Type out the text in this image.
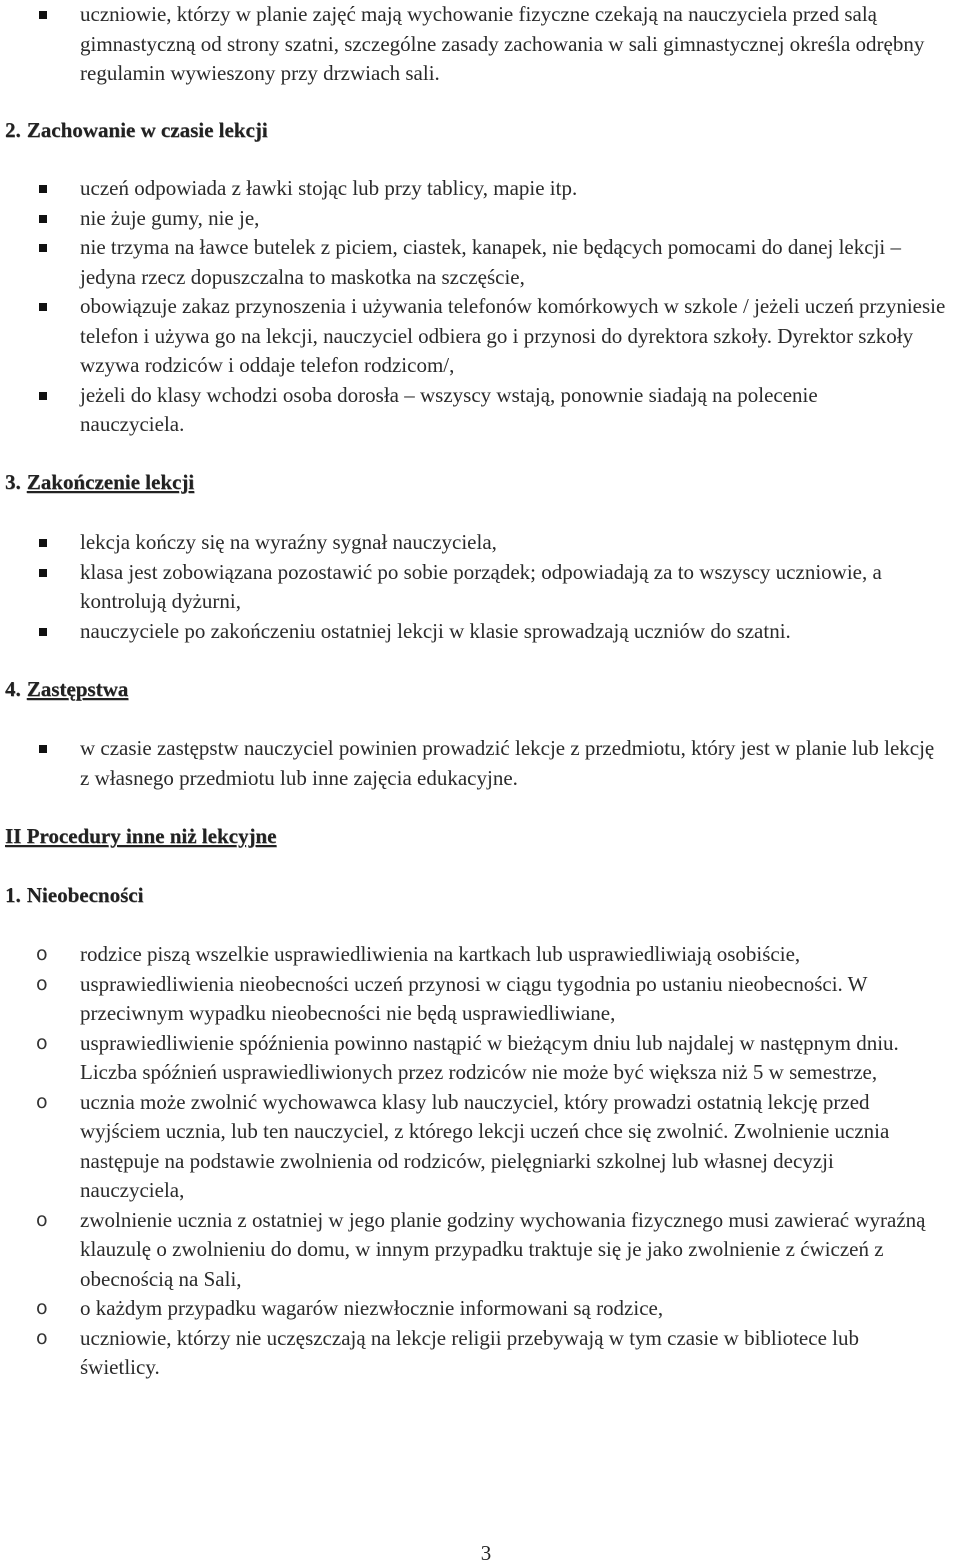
uczniowie, którzy w planie zajęć mają wychowanie fizyczne czekają na nauczyciela przed salą gimnastyczną od strony szatni, szczególne zasady zachowania w sali gimnastycznej określa odrębny regulamin wywieszony przy drzwiach sali.
2. Zachowanie w czasie lekcji
uczeń odpowiada z ławki stojąc lub przy tablicy, mapie itp.
nie żuje gumy, nie je,
nie trzyma na ławce butelek z piciem, ciastek, kanapek, nie będących pomocami do danej lekcji – jedyna rzecz dopuszczalna to maskotka na szczęście,
obowiązuje zakaz przynoszenia i używania telefonów komórkowych w szkole / jeżeli uczeń przyniesie telefon i używa go na lekcji, nauczyciel odbiera go i przynosi do dyrektora szkoły. Dyrektor szkoły wzywa rodziców i oddaje telefon rodzicom/,
jeżeli do klasy wchodzi osoba dorosła – wszyscy wstają, ponownie siadają na polecenie nauczyciela.
3. Zakończenie lekcji
lekcja kończy się na wyraźny sygnał nauczyciela,
klasa jest zobowiązana pozostawić po sobie porządek; odpowiadają za to wszyscy uczniowie, a kontrolują dyżurni,
nauczyciele po zakończeniu ostatniej lekcji w klasie sprowadzają uczniów do szatni.
4. Zastępstwa
w czasie zastępstw nauczyciel powinien prowadzić lekcje z przedmiotu, który jest w planie lub lekcję z własnego przedmiotu lub inne zajęcia edukacyjne.
II Procedury inne niż lekcyjne
1. Nieobecności
o rodzice piszą wszelkie usprawiedliwienia na kartkach lub usprawiedliwiają osobiście,
o usprawiedliwienia nieobecności uczeń przynosi w ciągu tygodnia po ustaniu nieobecności. W przeciwnym wypadku nieobecności nie będą usprawiedliwiane,
o usprawiedliwienie spóźnienia powinno nastąpić w bieżącym dniu lub najdalej w następnym dniu. Liczba spóźnień usprawiedliwionych przez rodziców nie może być większa niż 5 w semestrze,
o ucznia może zwolnić wychowawca klasy lub nauczyciel, który prowadzi ostatnią lekcję przed wyjściem ucznia, lub ten nauczyciel, z którego lekcji uczeń chce się zwolnić. Zwolnienie ucznia następuje na podstawie zwolnienia od rodziców, pielęgniarki szkolnej lub własnej decyzji nauczyciela,
o zwolnienie ucznia z ostatniej w jego planie godziny wychowania fizycznego musi zawierać wyraźną klauzulę o zwolnieniu do domu, w innym przypadku traktuje się je jako zwolnienie z ćwiczeń z obecnością na Sali,
o o każdym przypadku wagarów niezwłocznie informowani są rodzice,
o uczniowie, którzy nie uczęszczają na lekcje religii przebywają w tym czasie w bibliotece lub świetlicy.
3
